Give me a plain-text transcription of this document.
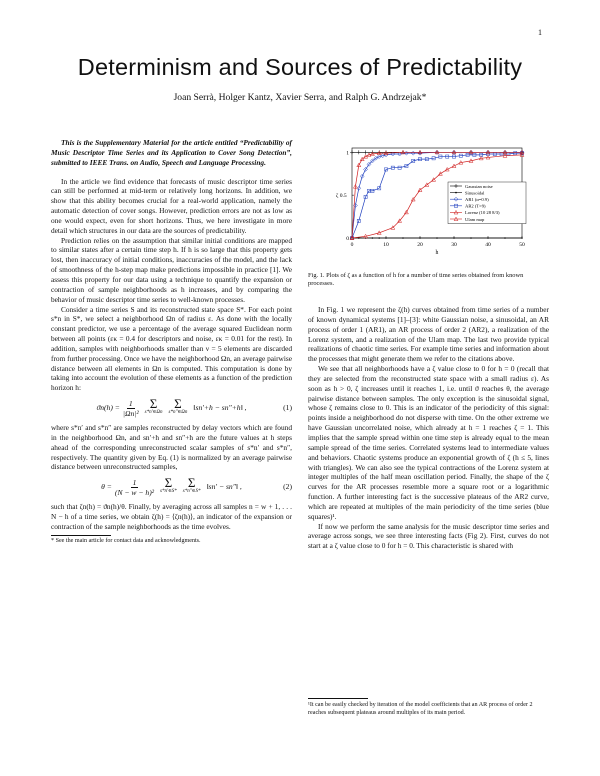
1
Determinism and Sources of Predictability
Joan Serrà, Holger Kantz, Xavier Serra, and Ralph G. Andrzejak*

This is the Supplementary Material for the article entitled “Predictability of Music Descriptor Time Series and its Application to Cover Song Detection”, submitted to IEEE Trans. on Audio, Speech and Language Processing.

In the article we find evidence that forecasts of music descriptor time series can still be performed at mid-term or relatively long horizons. In addition, we show that this ability becomes crucial for a real-world application, namely the automatic detection of cover songs. However, prediction errors are not as low as one would expect, even for short horizons. Thus, we here investigate in more detail which structures in our data are the sources of predictability.

Prediction relies on the assumption that similar initial conditions are mapped to similar states after a certain time step h. If h is so large that this property gets lost, then inaccuracy of initial conditions, inaccuracies of the model, and the lack of smoothness of the h-step map make predictions impossible in practice [1]. We assess this property for our data using a technique to quantify the expansion or contraction of sample neighborhoods as h increases, and by comparing the behavior of music descriptor time series to well-known processes.

Consider a time series S and its reconstructed state space S*. For each point s*n in S*, we select a neighborhood Ωn of radius ε. As done with the locally constant predictor, we use a percentage of the average squared Euclidean norm between all points (εκ = 0.4 for descriptors and noise, εκ = 0.01 for the rest). In addition, samples with neighborhoods smaller than ν = 5 elements are discarded from further processing. Once we have the neighborhood Ωn, an average pairwise distance between all elements in Ωn is computed. This computation is done by taking into account the evolution of these elements as a function of the prediction horizon h:

$ϑn(h) = \frac{1}{\text{|Ωn|²}}$ Σ
s*n′∈Ωn
Σ
s*n″∈Ωn
‖sn′+h − sn″+h‖ ,	(1)

where s*n′ and s*n″ are samples reconstructed by delay vectors which are found in the neighborhood Ωn, and sn′+h and sn″+h are the future values at h steps ahead of the corresponding unreconstructed scalar samples of s*n′ and s*n″, respectively. The quantity given by Eq. (1) is normalized by an average pairwise distance between unreconstructed samples,

$\theta = \frac{1}{\text{(N − w − h)²}}$ Σ
s*n′∈S*
Σ
s*n″∈S*
‖sn′ − sn″‖ ,	(2)

such that ζn(h) = ϑn(h)/θ. Finally, by averaging across all samples n = w + 1, . . . N − h of a time series, we obtain ζ(h) = ⟨ζn(h)⟩, an indicator of the expansion or contraction of the sample neighborhoods as the time evolves.

* See the main article for contact data and acknowledgments.
0	10	20	30	40	50
0
1
ζ 0.5
h
Gaussian noise
Sinusoidal
AR1 (α=0.9)
AR2 (T=9)
Lorenz (10 28 8/3)
Ulam map
Fig. 1. Plots of ζ as a function of h for a number of time series obtained from known processes.

In Fig. 1 we represent the ζ(h) curves obtained from time series of a number of known dynamical systems [1]–[3]: white Gaussian noise, a sinusoidal, an AR process of order 1 (AR1), an AR process of order 2 (AR2), a realization of the Lorenz system, and a realization of the Ulam map. The last two provide typical realizations of chaotic time series. For example time series and information about the processes that might generate them we refer to the citations above.

We see that all neighborhoods have a ζ value close to 0 for h = 0 (recall that they are selected from the reconstructed state space with a small radius ε). As soon as h > 0, ζ increases until it reaches 1, i.e. until ϑ reaches θ, the average pairwise distance between samples. The only exception is the sinusoidal signal, whose ζ remains close to 0. This is an indicator of the periodicity of this signal: points inside a neighborhood do not disperse with time. On the other extreme we have Gaussian uncorrelated noise, which already at h = 1 reaches ζ = 1. This implies that the sample spread within one time step is already equal to the mean sample spread of the time series. Correlated systems lead to intermediate values and behaviors. Chaotic systems produce an exponential growth of ζ (h ≤ 5, lines with triangles). We can also see the typical contractions of the Lorenz system at integer multiples of the half mean oscillation period. Finally, the shape of the ζ curves for the AR processes resemble more a square root or a logarithmic function. A further interesting fact is the successive plateaus of the AR2 curve, which are repeated at multiples of the main periodicity of the time series (blue squares)¹.

If now we perform the same analysis for the music descriptor time series and average across songs, we see three interesting facts (Fig 2). First, curves do not start at a ζ value close to 0 for h = 0. This characteristic is shared with

¹It can be easily checked by iteration of the model coefficients that an AR process of order 2 reaches subsequent plateaus around multiples of its main period.
